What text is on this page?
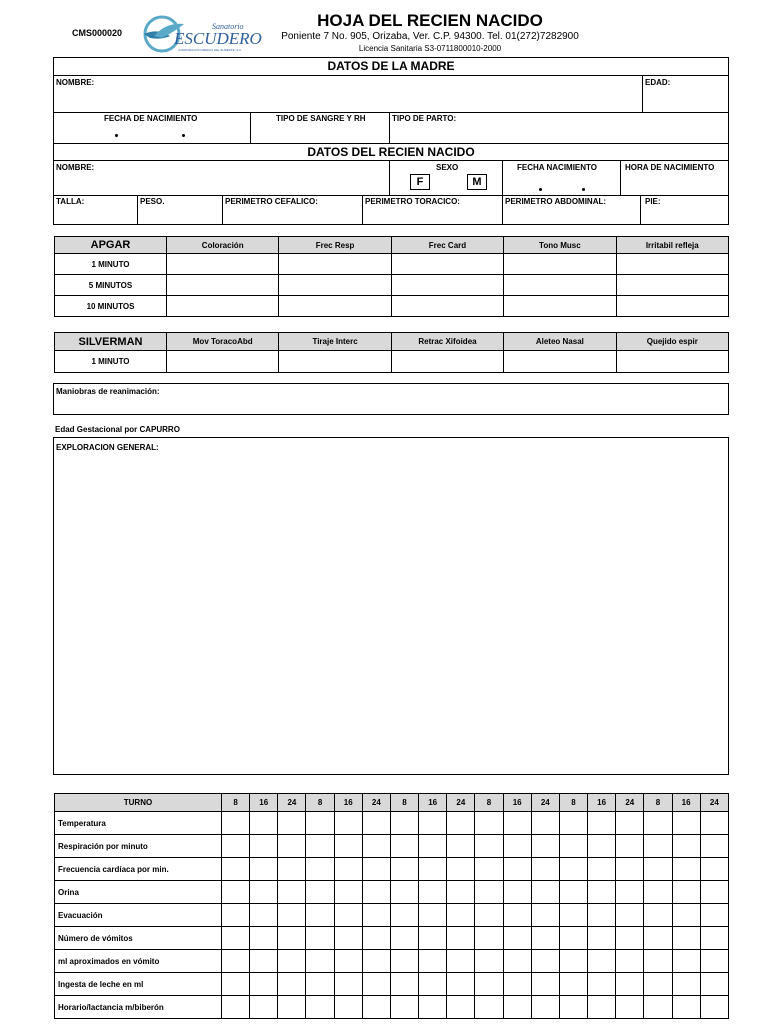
CMS000020
Sanatorio
ESCUDERO
CORPORACION MEDICA DEL SURESTE, S.C.
HOJA DEL RECIEN NACIDO
Poniente 7 No. 905, Orizaba, Ver. C.P. 94300. Tel. 01(272)7282900
Licencia Sanitaria S3-0711800010-2000
DATOS DE LA MADRE
NOMBRE:	EDAD:
FECHA DE NACIMIENTO	TIPO DE SANGRE Y RH	TIPO DE PARTO:
DATOS DEL RECIEN NACIDO
NOMBRE:	SEXO
F	M
FECHA NACIMIENTO	HORA DE NACIMIENTO
TALLA:	PESO.	PERIMETRO CEFALICO:	PERIMETRO TORACICO:	PERIMETRO ABDOMINAL:	PIE:
APGAR	Coloración	Frec Resp	Frec Card	Tono Musc	Irritabil refleja
1 MINUTO					
5 MINUTOS					
10 MINUTOS					
SILVERMAN	Mov ToracoAbd	Tiraje Interc	Retrac Xifoidea	Aleteo Nasal	Quejido espir
1 MINUTO					
Maniobras de reanimación:
Edad Gestacional por CAPURRO
EXPLORACION GENERAL:
TURNO	8	16	24	8	16	24	8	16	24	8	16	24	8	16	24	8	16	24
Temperatura																		
Respiración por minuto																		
Frecuencia cardíaca por min.																		
Orina																		
Evacuación																		
Número de vómitos																		
ml aproximados en vómito																		
Ingesta de leche en ml																		
Horario/lactancia m/biberón																		
